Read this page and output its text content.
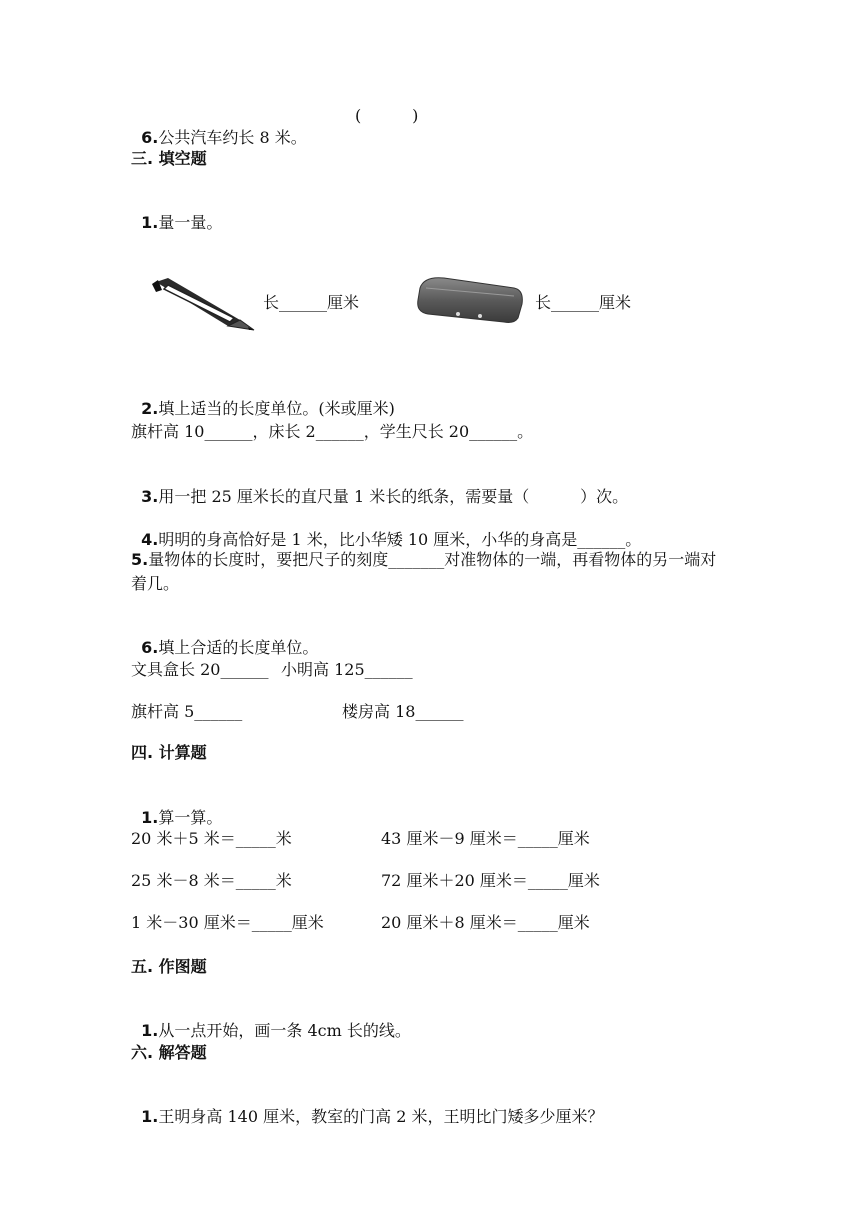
6.公共汽车约长 8 米。

(          )
三. 填空题

1.量一量。

长______厘米	长______厘米

2.填上适当的长度单位。(米或厘米)

旗杆高 10______，床长 2______，学生尺长 20______。

3.用一把 25 厘米长的直尺量 1 米长的纸条，需要量（          ）次。

4.明明的身高恰好是 1 米，比小华矮 10 厘米，小华的身高是______。

5.量物体的长度时，要把尺子的刻度_______对准物体的一端，再看物体的另一端对着几。

6.填上合适的长度单位。

文具盒长 20______ 小明高 125______
旗杆高 5______	楼房高 18______
四. 计算题

1.算一算。

20 米＋5 米＝_____米	43 厘米－9 厘米＝_____厘米
25 米－8 米＝_____米	72 厘米＋20 厘米＝_____厘米
1 米－30 厘米＝_____厘米	20 厘米＋8 厘米＝_____厘米
五. 作图题

1.从一点开始，画一条 4cm 长的线。

六. 解答题

1.王明身高 140 厘米，教室的门高 2 米，王明比门矮多少厘米？
